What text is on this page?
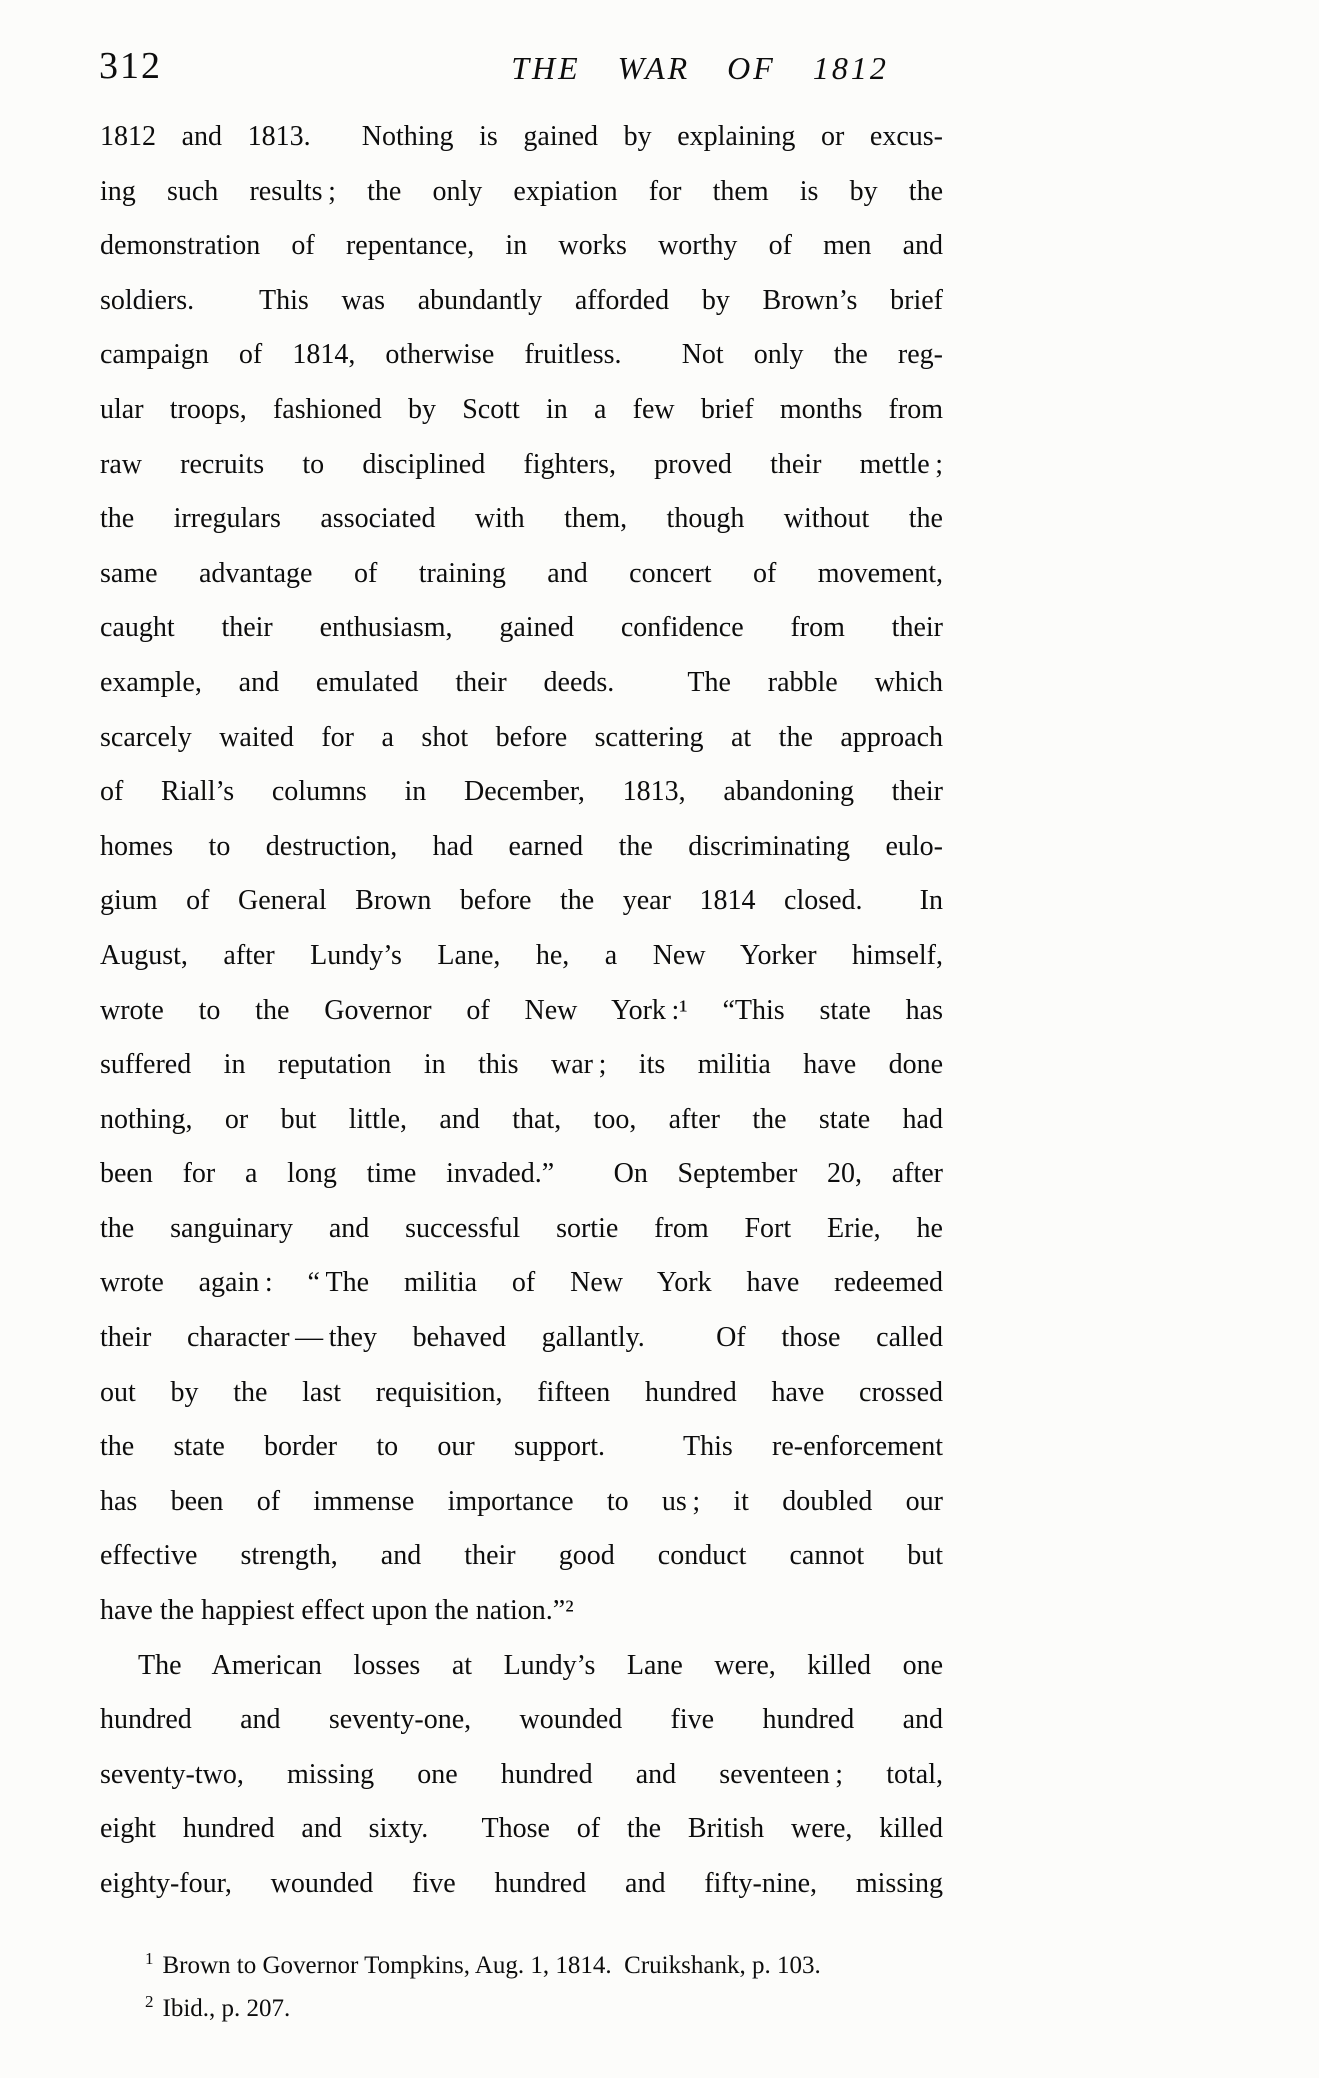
312	THE WAR OF 1812
1812 and 1813.  Nothing is gained by explaining or excus-
ing such results ; the only expiation for them is by the
demonstration of repentance, in works worthy of men and
soldiers.  This was abundantly afforded by Brown’s brief
campaign of 1814, otherwise fruitless.  Not only the reg-
ular troops, fashioned by Scott in a few brief months from
raw recruits to disciplined fighters, proved their mettle ;
the irregulars associated with them, though without the
same advantage of training and concert of movement,
caught their enthusiasm, gained confidence from their
example, and emulated their deeds.  The rabble which
scarcely waited for a shot before scattering at the approach
of Riall’s columns in December, 1813, abandoning their
homes to destruction, had earned the discriminating eulo-
gium of General Brown before the year 1814 closed.  In
August, after Lundy’s Lane, he, a New Yorker himself,
wrote to the Governor of New York :¹ “This state has
suffered in reputation in this war ; its militia have done
nothing, or but little, and that, too, after the state had
been for a long time invaded.”  On September 20, after
the sanguinary and successful sortie from Fort Erie, he
wrote again : “ The militia of New York have redeemed
their character — they behaved gallantly.  Of those called
out by the last requisition, fifteen hundred have crossed
the state border to our support.  This re-enforcement
has been of immense importance to us ; it doubled our
effective strength, and their good conduct cannot but
have the happiest effect upon the nation.”²
The American losses at Lundy’s Lane were, killed one
hundred and seventy-one, wounded five hundred and
seventy-two, missing one hundred and seventeen ; total,
eight hundred and sixty.  Those of the British were, killed
eighty-four, wounded five hundred and fifty-nine, missing
$^1$ Brown to Governor Tompkins, Aug. 1, 1814.  Cruikshank, p. 103.
$^2$ Ibid., p. 207.
